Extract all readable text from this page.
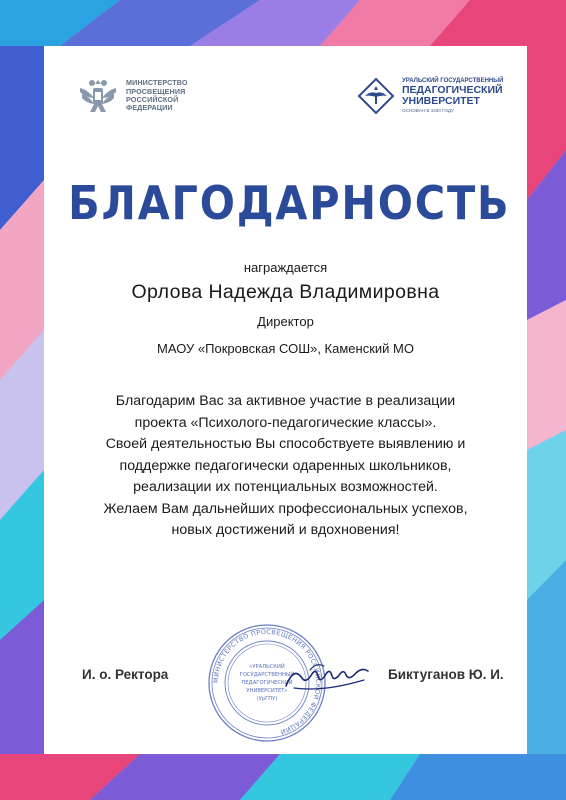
МИНИСТЕРСТВО
ПРОСВЕЩЕНИЯ
РОССИЙСКОЙ
ФЕДЕРАЦИИ
УРАЛЬСКИЙ ГОСУДАРСТВЕННЫЙ
ПЕДАГОГИЧЕСКИЙ
УНИВЕРСИТЕТ
ОСНОВАН В 1930 ГОДУ
БЛАГОДАРНОСТЬ
награждается
Орлова Надежда Владимировна
Директор
МАОУ «Покровская СОШ», Каменский МО
Благодарим Вас за активное участие в реализации
проекта «Психолого-педагогические классы».
Своей деятельностью Вы способствуете выявлению и
поддержке педагогически одаренных школьников,
реализации их потенциальных возможностей.
Желаем Вам дальнейших профессиональных успехов,
новых достижений и вдохновения!
И. о. Ректора	МИНИСТЕРСТВО ПРОСВЕЩЕНИЯ РОССИЙСКОЙ ФЕДЕРАЦИИ
«УРАЛЬСКИЙ
ГОСУДАРСТВЕННЫЙ
ПЕДАГОГИЧЕСКИЙ
УНИВЕРСИТЕТ»
(УрГПУ)
Биктуганов Ю. И.
